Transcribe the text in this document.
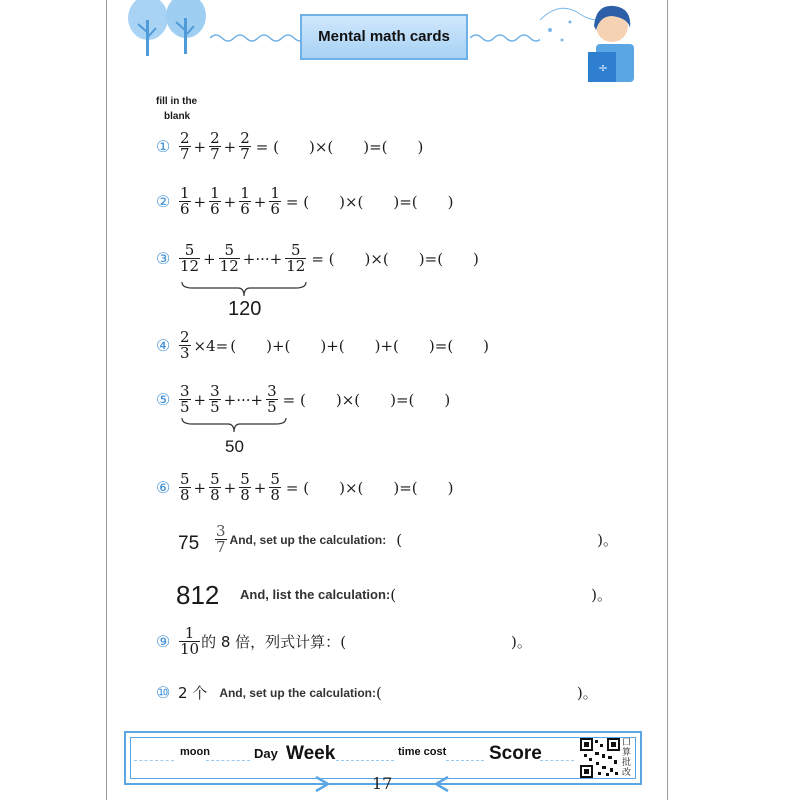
Mental math cards
÷
fill in the
blank
① $\frac{2}{7} + \frac{2}{7} + \frac{2}{7}$ = (　　)×(　　)=(　　)
② $\frac{1}{6} + \frac{1}{6} + \frac{1}{6} + \frac{1}{6}$ = (　　)×(　　)=(　　)
③ $\frac{5}{12} + \frac{5}{12}$ +···+ $\frac{5}{12}$ = (　　)×(　　)=(　　)
120
④ $\frac{2}{3} \times 4=$ (　　)+(　　)+(　　)+(　　)=(　　)
⑤ $\frac{3}{5} + \frac{3}{5}$ +···+ $\frac{3}{5}$ = (　　)×(　　)=(　　)
50
⑥ $\frac{5}{8} + \frac{5}{8} + \frac{5}{8} + \frac{5}{8}$ = (　　)×(　　)=(　　)
$75 \frac{3}{7}$ And, set up the calculation: (　　　　　　　　　　　　　)。
812 And, list the calculation: (　　　　　　　　　　　　　)。
⑨ $\frac{1}{10}$ 的 8 倍，列式计算： (　　　　　　　　　　　)。
⑩ 2 个 And, set up the calculation: (　　　　　　　　　　　　　)。
moon	Day Week	time cost Score	口算批改
17
